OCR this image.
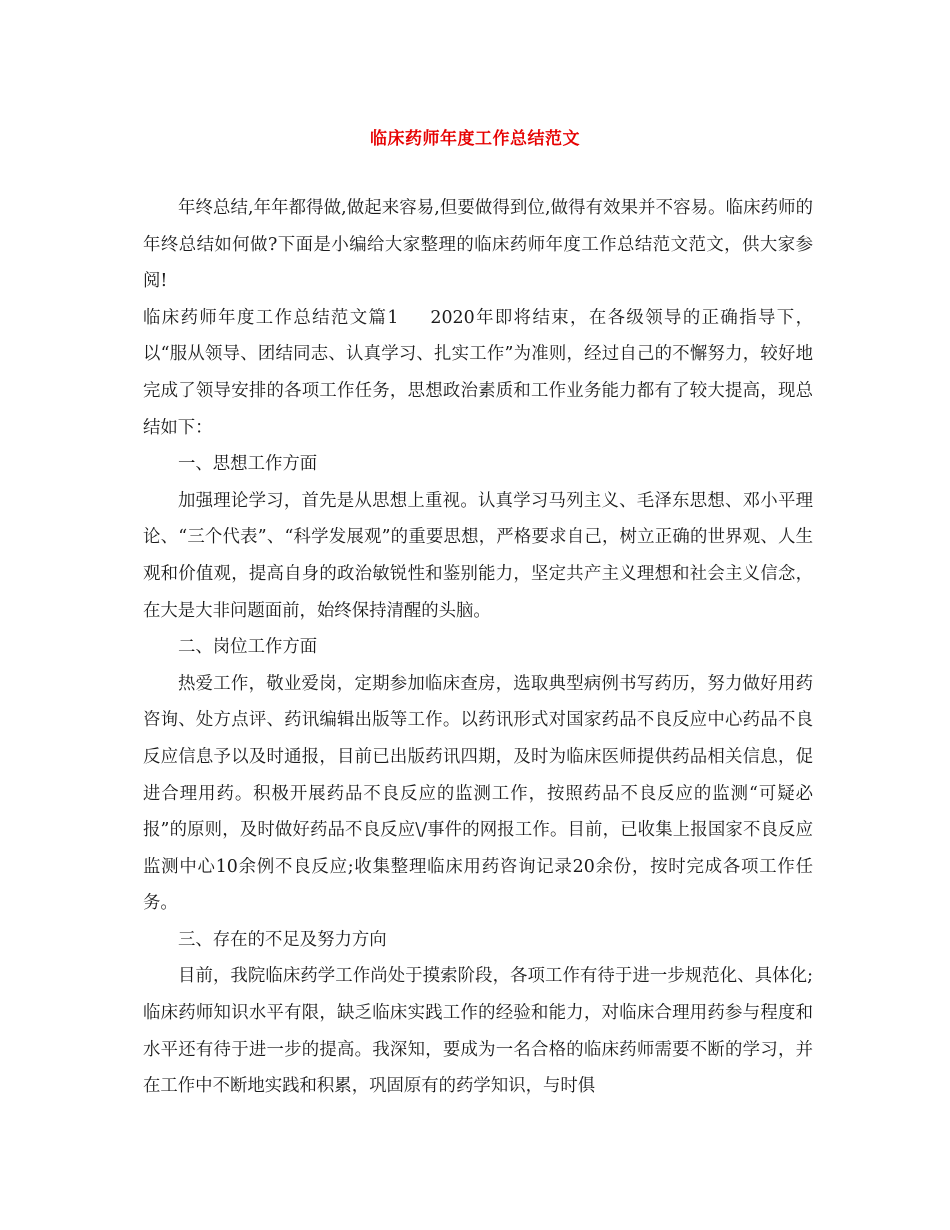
临床药师年度工作总结范文

年终总结,年年都得做,做起来容易,但要做得到位,做得有效果并不容易。临床药师的年终总结如何做?下面是小编给大家整理的临床药师年度工作总结范文范文，供大家参阅!

临床药师年度工作总结范文篇1 2020年即将结束，在各级领导的正确指导下，以“服从领导、团结同志、认真学习、扎实工作”为准则，经过自己的不懈努力，较好地完成了领导安排的各项工作任务，思想政治素质和工作业务能力都有了较大提高，现总结如下：

一、思想工作方面

加强理论学习，首先是从思想上重视。认真学习马列主义、毛泽东思想、邓小平理论、“三个代表”、“科学发展观”的重要思想，严格要求自己，树立正确的世界观、人生观和价值观，提高自身的政治敏锐性和鉴别能力，坚定共产主义理想和社会主义信念，在大是大非问题面前，始终保持清醒的头脑。

二、岗位工作方面

热爱工作，敬业爱岗，定期参加临床查房，选取典型病例书写药历，努力做好用药咨询、处方点评、药讯编辑出版等工作。以药讯形式对国家药品不良反应中心药品不良反应信息予以及时通报，目前已出版药讯四期，及时为临床医师提供药品相关信息，促进合理用药。积极开展药品不良反应的监测工作，按照药品不良反应的监测“可疑必报”的原则，及时做好药品不良反应\/事件的网报工作。目前，已收集上报国家不良反应监测中心10余例不良反应;收集整理临床用药咨询记录20余份，按时完成各项工作任务。

三、存在的不足及努力方向

目前，我院临床药学工作尚处于摸索阶段，各项工作有待于进一步规范化、具体化;临床药师知识水平有限，缺乏临床实践工作的经验和能力，对临床合理用药参与程度和水平还有待于进一步的提高。我深知，要成为一名合格的临床药师需要不断的学习，并在工作中不断地实践和积累，巩固原有的药学知识，与时俱
